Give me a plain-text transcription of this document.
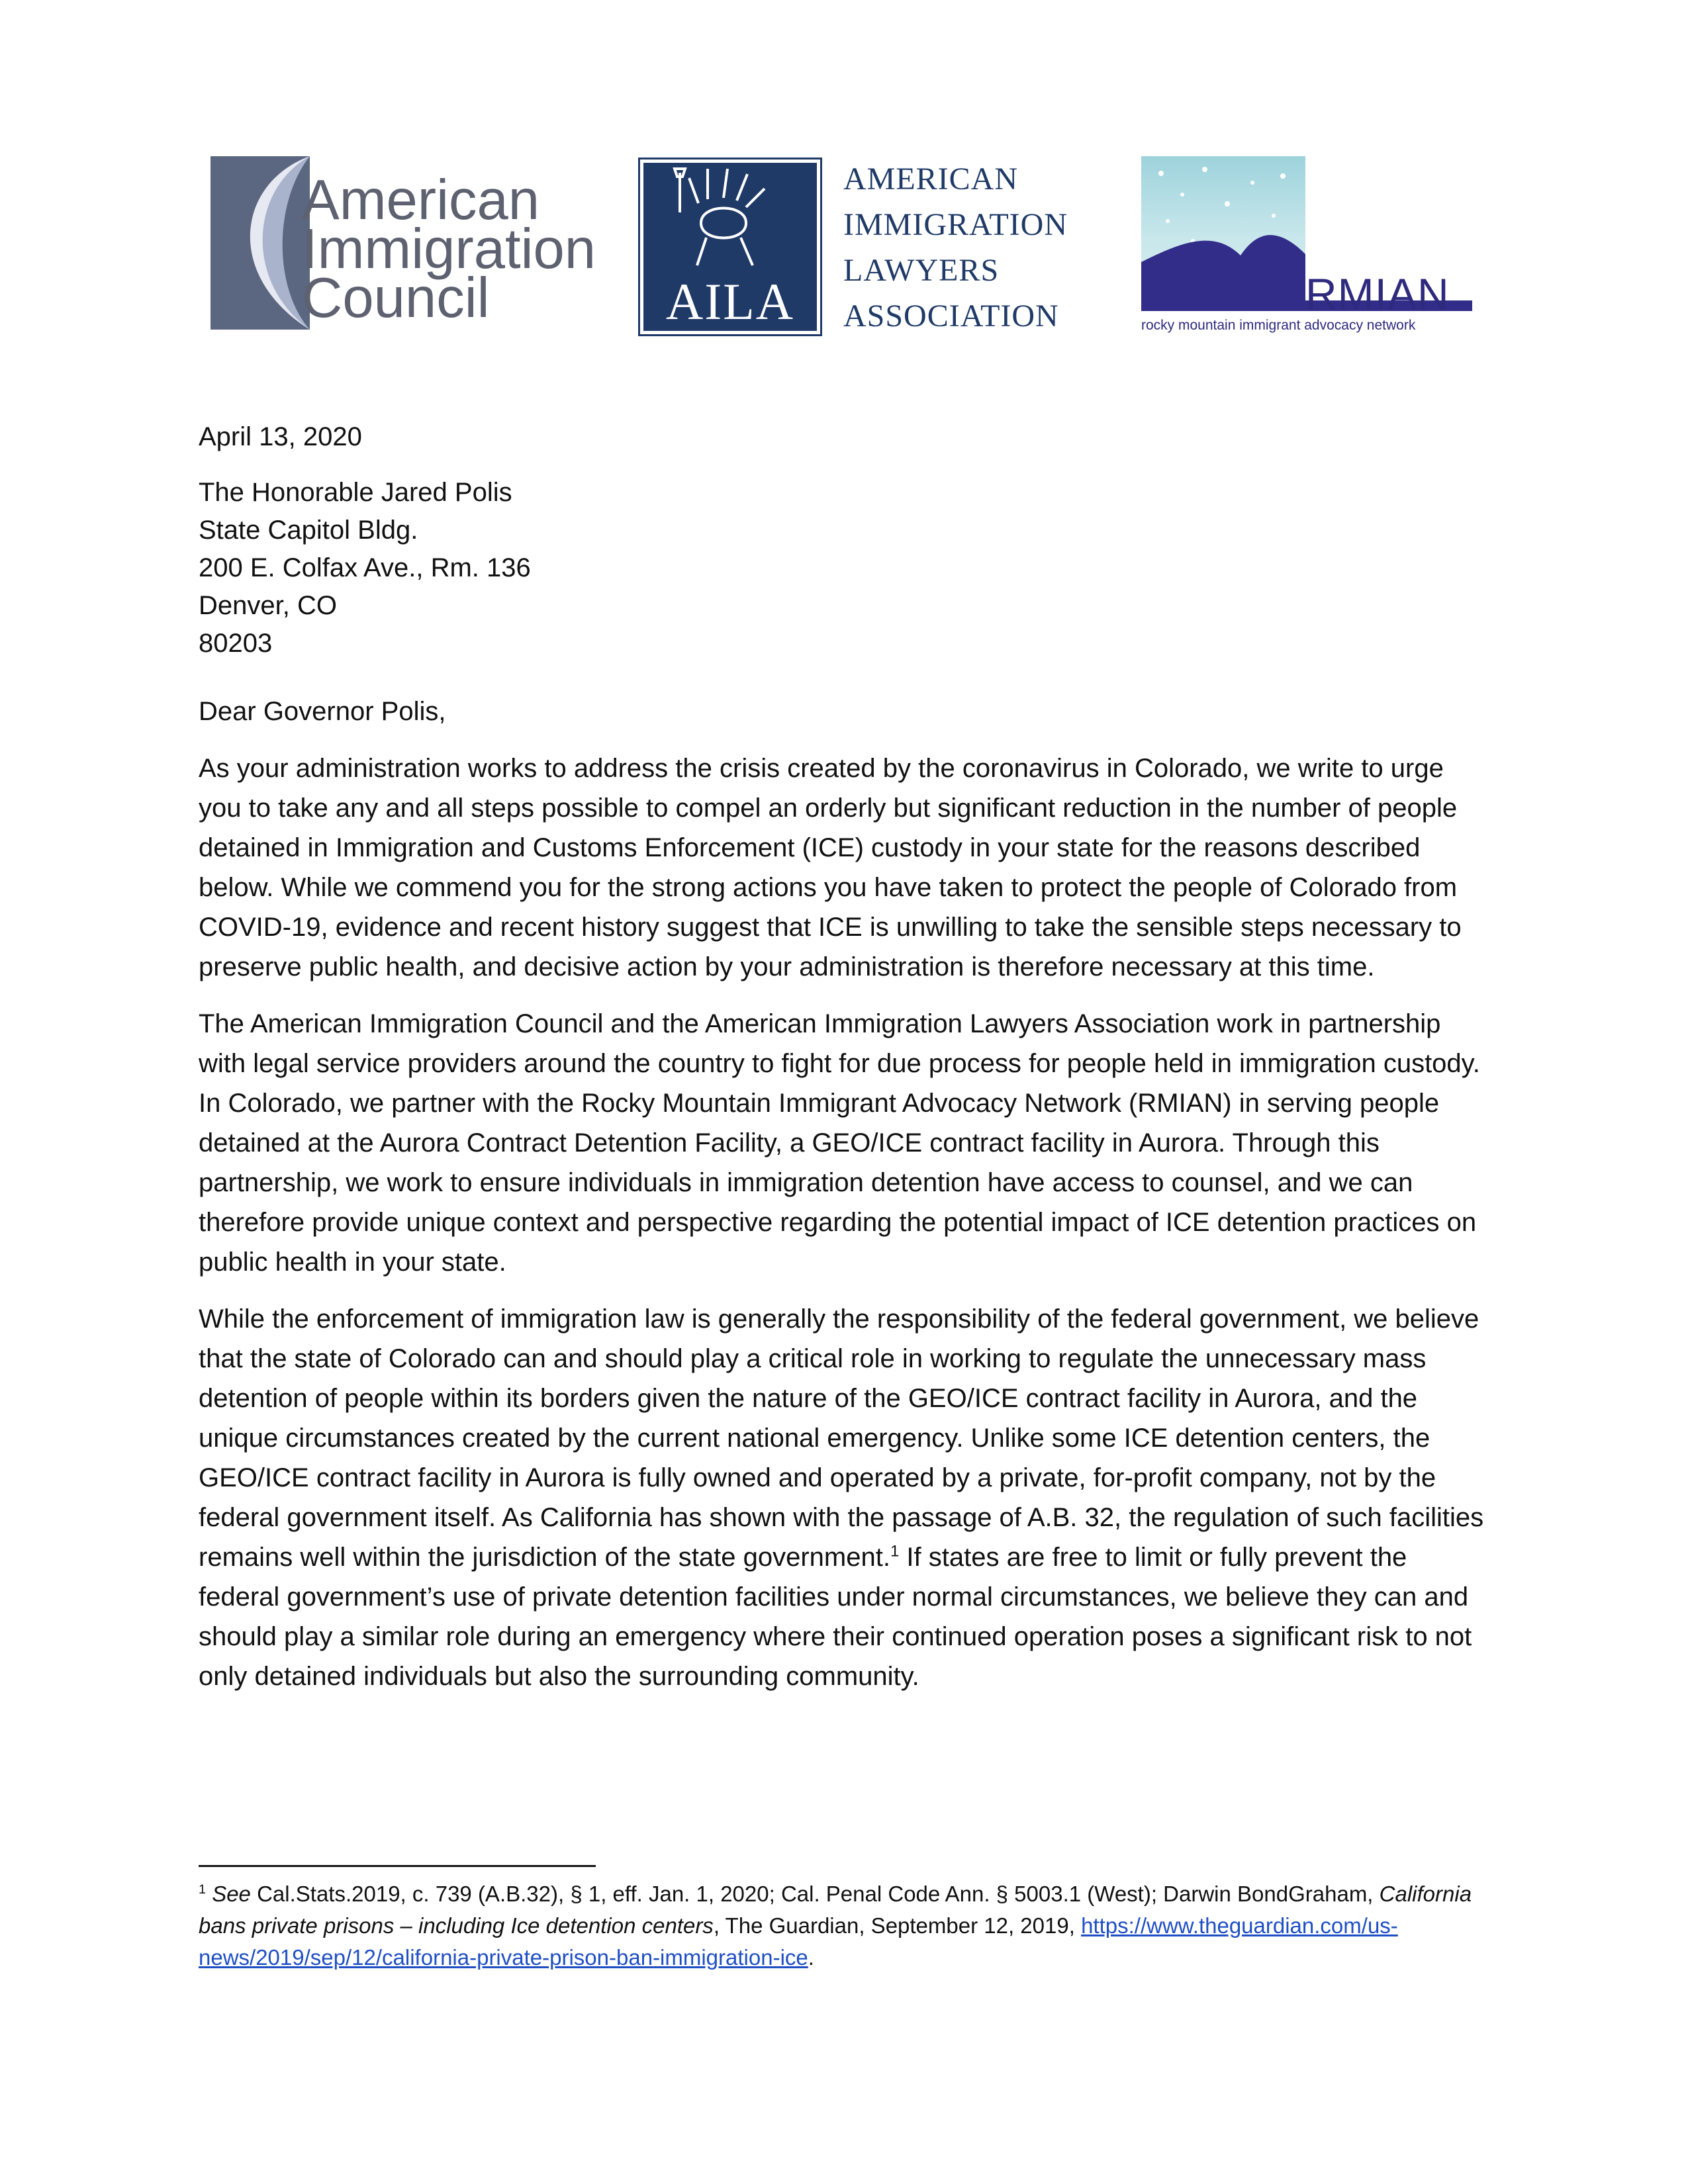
American
Immigration
Council	AILA
AMERICAN
IMMIGRATION
LAWYERS
ASSOCIATION	RMIAN
rocky mountain immigrant advocacy network

April 13, 2020

The Honorable Jared Polis
State Capitol Bldg.
200 E. Colfax Ave., Rm. 136
Denver, CO
80203

Dear Governor Polis,

As your administration works to address the crisis created by the coronavirus in Colorado, we write to urge you to take any and all steps possible to compel an orderly but significant reduction in the number of people detained in Immigration and Customs Enforcement (ICE) custody in your state for the reasons described below. While we commend you for the strong actions you have taken to protect the people of Colorado from COVID-19, evidence and recent history suggest that ICE is unwilling to take the sensible steps necessary to preserve public health, and decisive action by your administration is therefore necessary at this time.

The American Immigration Council and the American Immigration Lawyers Association work in partnership with legal service providers around the country to fight for due process for people held in immigration custody. In Colorado, we partner with the Rocky Mountain Immigrant Advocacy Network (RMIAN) in serving people detained at the Aurora Contract Detention Facility, a GEO/ICE contract facility in Aurora. Through this partnership, we work to ensure individuals in immigration detention have access to counsel, and we can therefore provide unique context and perspective regarding the potential impact of ICE detention practices on public health in your state.

While the enforcement of immigration law is generally the responsibility of the federal government, we believe that the state of Colorado can and should play a critical role in working to regulate the unnecessary mass detention of people within its borders given the nature of the GEO/ICE contract facility in Aurora, and the unique circumstances created by the current national emergency. Unlike some ICE detention centers, the GEO/ICE contract facility in Aurora is fully owned and operated by a private, for-profit company, not by the federal government itself. As California has shown with the passage of A.B. 32, the regulation of such facilities remains well within the jurisdiction of the state government.$^1$ If states are free to limit or fully prevent the federal government’s use of private detention facilities under normal circumstances, we believe they can and should play a similar role during an emergency where their continued operation poses a significant risk to not only detained individuals but also the surrounding community.

$^1$ See Cal.Stats.2019, c. 739 (A.B.32), § 1, eff. Jan. 1, 2020; Cal. Penal Code Ann. § 5003.1 (West); Darwin BondGraham, California bans private prisons – including Ice detention centers, The Guardian, September 12, 2019, https://www.theguardian.com/us-news/2019/sep/12/california-private-prison-ban-immigration-ice.
